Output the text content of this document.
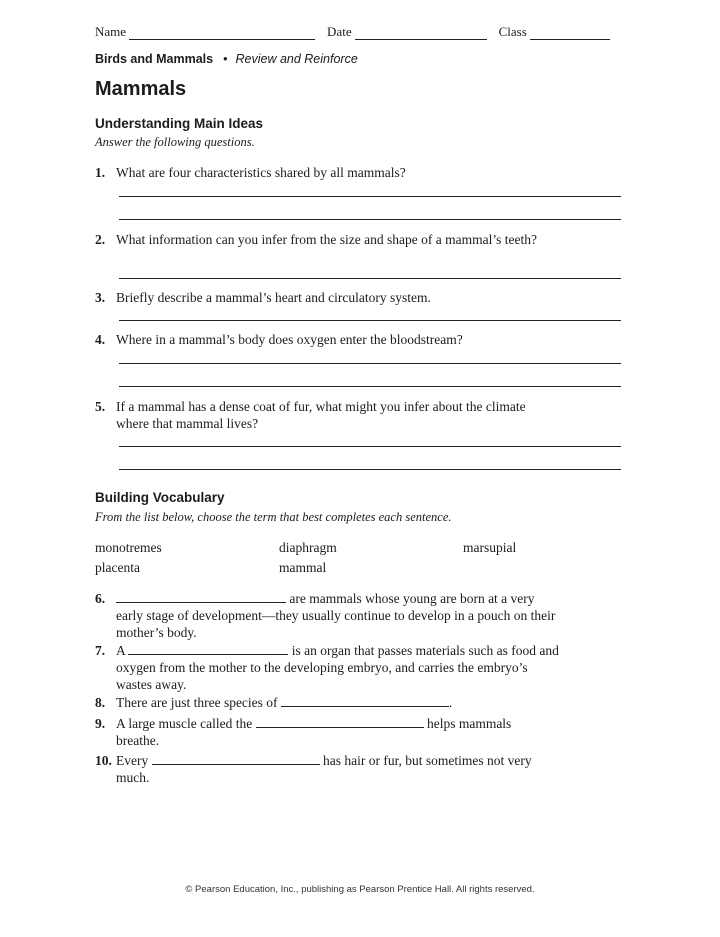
Name	Date	Class
Birds and Mammals • Review and Reinforce
Mammals
Understanding Main Ideas
Answer the following questions.
1. What are four characteristics shared by all mammals?
2. What information can you infer from the size and shape of a mammal’s teeth?
3. Briefly describe a mammal’s heart and circulatory system.
4. Where in a mammal’s body does oxygen enter the bloodstream?
5. If a mammal has a dense coat of fur, what might you infer about the climate where that mammal lives?
Building Vocabulary
From the list below, choose the term that best completes each sentence.
monotremes	diaphragm	marsupial
placenta	mammal
6.	are mammals whose young are born at a very early stage of development—they usually continue to develop in a pouch on their mother’s body.
7. A	is an organ that passes materials such as food and oxygen from the mother to the developing embryo, and carries the embryo’s wastes away.
8. There are just three species of	.
9. A large muscle called the	helps mammals breathe.
10. Every	has hair or fur, but sometimes not very much.
© Pearson Education, Inc., publishing as Pearson Prentice Hall. All rights reserved.
